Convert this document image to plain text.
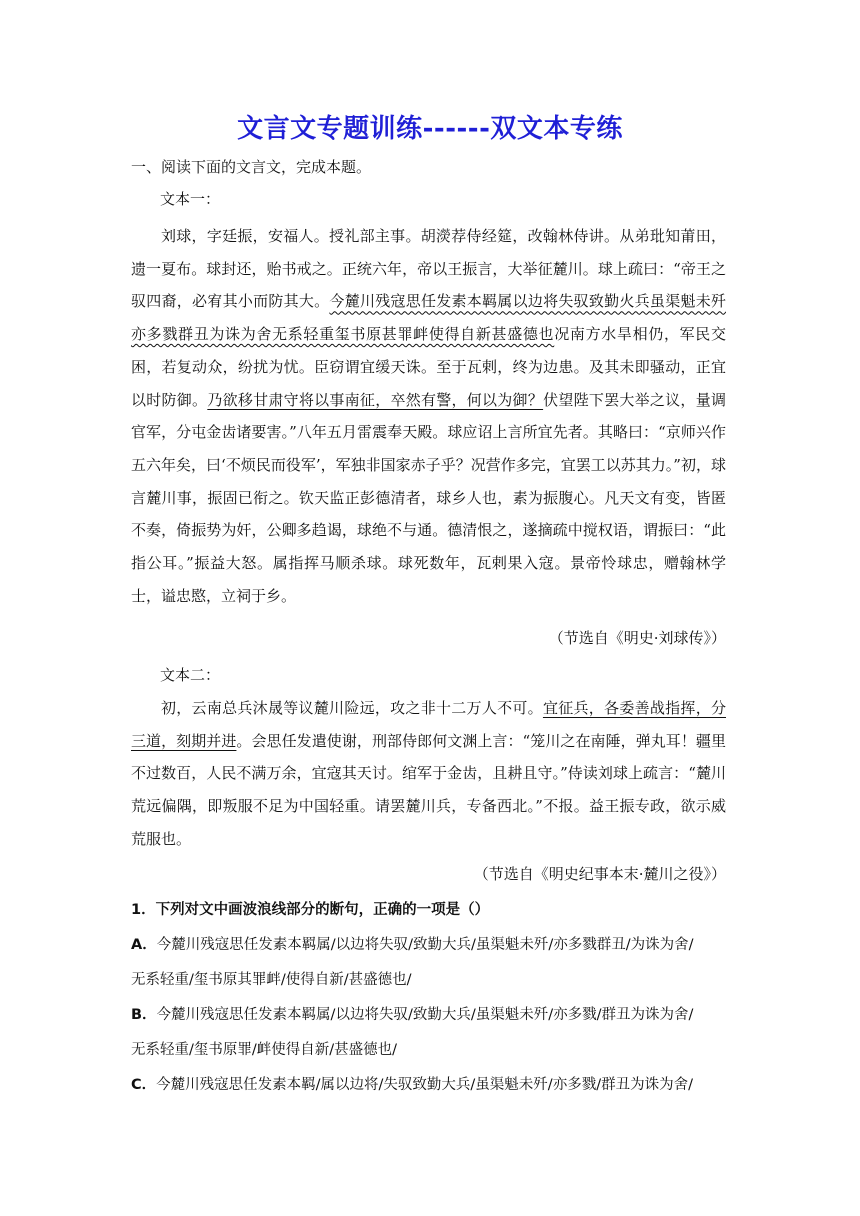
文言文专题训练------双文本专练
一、阅读下面的文言文，完成本题。
文本一：
刘球，字廷振，安福人。授礼部主事。胡濙荐侍经筵，改翰林侍讲。从弟玭知莆田，遗一夏布。球封还，贻书戒之。正统六年，帝以王振言，大举征麓川。球上疏曰：“帝王之驭四裔，必宥其小而防其大。今麓川残寇思任发素本羁属以边将失驭致勤火兵虽渠魁未歼亦多戮群丑为诛为舍无系轻重玺书原甚罪衅使得自新甚盛德也况南方水旱相仍，军民交困，若复动众，纷扰为忧。臣窃谓宜缓天诛。至于瓦剌，终为边患。及其未即骚动，正宜以时防御。乃欲移甘肃守将以事南征，卒然有警，何以为御？伏望陛下罢大举之议，量调官军，分屯金齿诸要害。”八年五月雷震奉天殿。球应诏上言所宜先者。其略曰：“京师兴作五六年矣，曰‘不烦民而役军’，军独非国家赤子乎？况营作多完，宜罢工以苏其力。”初，球言麓川事，振固已衔之。钦天监正彭德清者，球乡人也，素为振腹心。凡天文有变，皆匿不奏，倚振势为奸，公卿多趋谒，球绝不与通。德清恨之，遂摘疏中搅权语，谓振曰：“此指公耳。”振益大怒。属指挥马顺杀球。球死数年，瓦剌果入寇。景帝怜球忠，赠翰林学士，谥忠愍，立祠于乡。
（节选自《明史·刘球传》）
文本二：
初，云南总兵沐晟等议麓川险远，攻之非十二万人不可。宜征兵，各委善战指挥，分三道，刻期并进。会思任发遣使谢，刑部侍郎何文渊上言：“笼川之在南陲，弹丸耳！疆里不过数百，人民不满万余，宜寇其天讨。绾军于金齿，且耕且守。”侍读刘球上疏言：“麓川荒远偏隅，即叛服不足为中国轻重。请罢麓川兵，专备西北。”不报。益王振专政，欲示威荒服也。
（节选自《明史纪事本末·麓川之役》）
1．下列对文中画波浪线部分的断句，正确的一项是（）
A．今麓川残寇思任发素本羁属/以边将失驭/致勤大兵/虽渠魁未歼/亦多戮群丑/为诛为舍/
无系轻重/玺书原其罪衅/使得自新/甚盛德也/
B．今麓川残寇思任发素本羁属/以边将失驭/致勤大兵/虽渠魁未歼/亦多戮/群丑为诛为舍/
无系轻重/玺书原罪/衅使得自新/甚盛德也/
C．今麓川残寇思任发素本羁/属以边将/失驭致勤大兵/虽渠魁未歼/亦多戮/群丑为诛为舍/
